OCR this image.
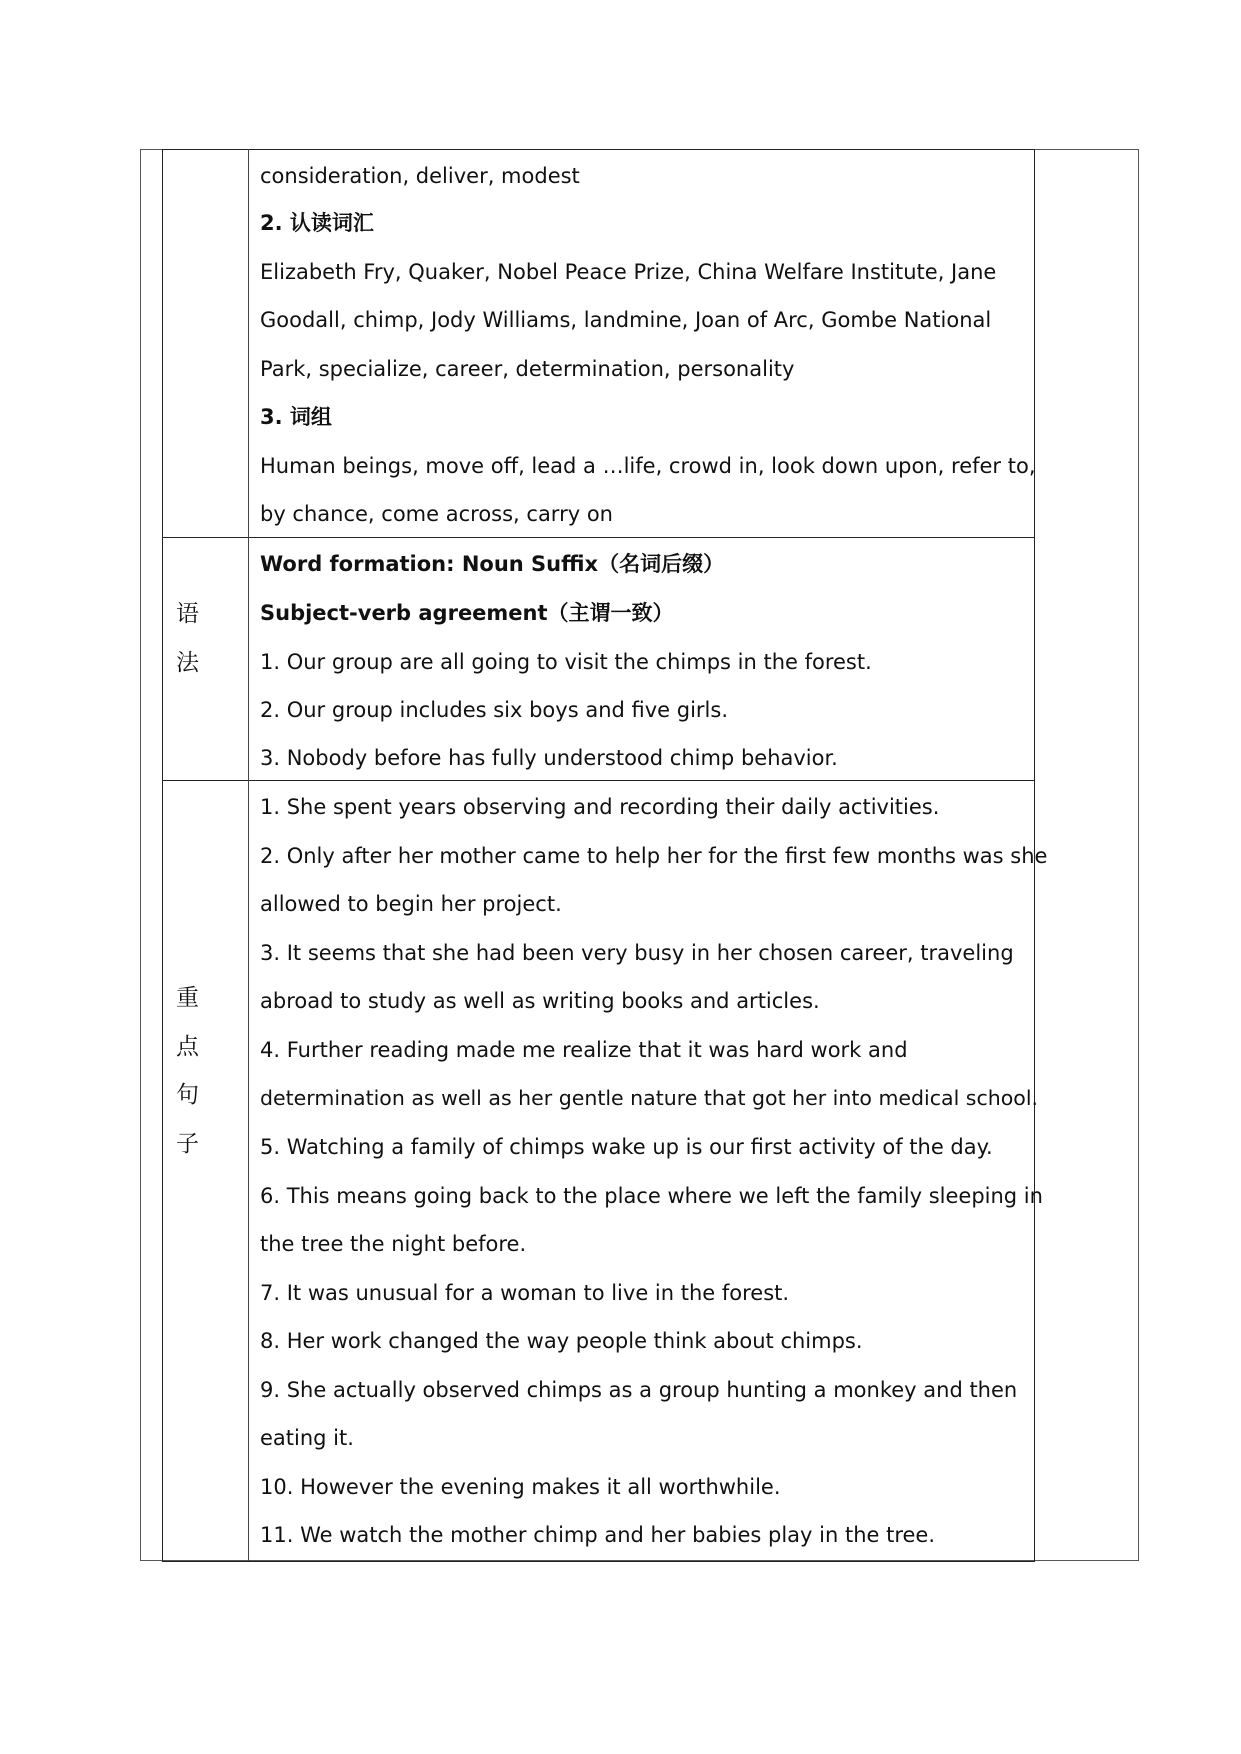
consideration, deliver, modest
2. 认读词汇
Elizabeth Fry, Quaker, Nobel Peace Prize, China Welfare Institute, Jane
Goodall, chimp, Jody Williams, landmine, Joan of Arc, Gombe National
Park, specialize, career, determination, personality
3. 词组
Human beings, move off, lead a …life, crowd in, look down upon, refer to,
by chance, come across, carry on
语
法
Word formation: Noun Suffix（名词后缀）
Subject-verb agreement（主谓一致）
1. Our group are all going to visit the chimps in the forest.
2. Our group includes six boys and five girls.
3. Nobody before has fully understood chimp behavior.
重
点
句
子
1. She spent years observing and recording their daily activities.
2. Only after her mother came to help her for the first few months was she
allowed to begin her project.
3. It seems that she had been very busy in her chosen career, traveling
abroad to study as well as writing books and articles.
4. Further reading made me realize that it was hard work and
determination as well as her gentle nature that got her into medical school.
5. Watching a family of chimps wake up is our first activity of the day.
6. This means going back to the place where we left the family sleeping in
the tree the night before.
7. It was unusual for a woman to live in the forest.
8. Her work changed the way people think about chimps.
9. She actually observed chimps as a group hunting a monkey and then
eating it.
10. However the evening makes it all worthwhile.
11. We watch the mother chimp and her babies play in the tree.
